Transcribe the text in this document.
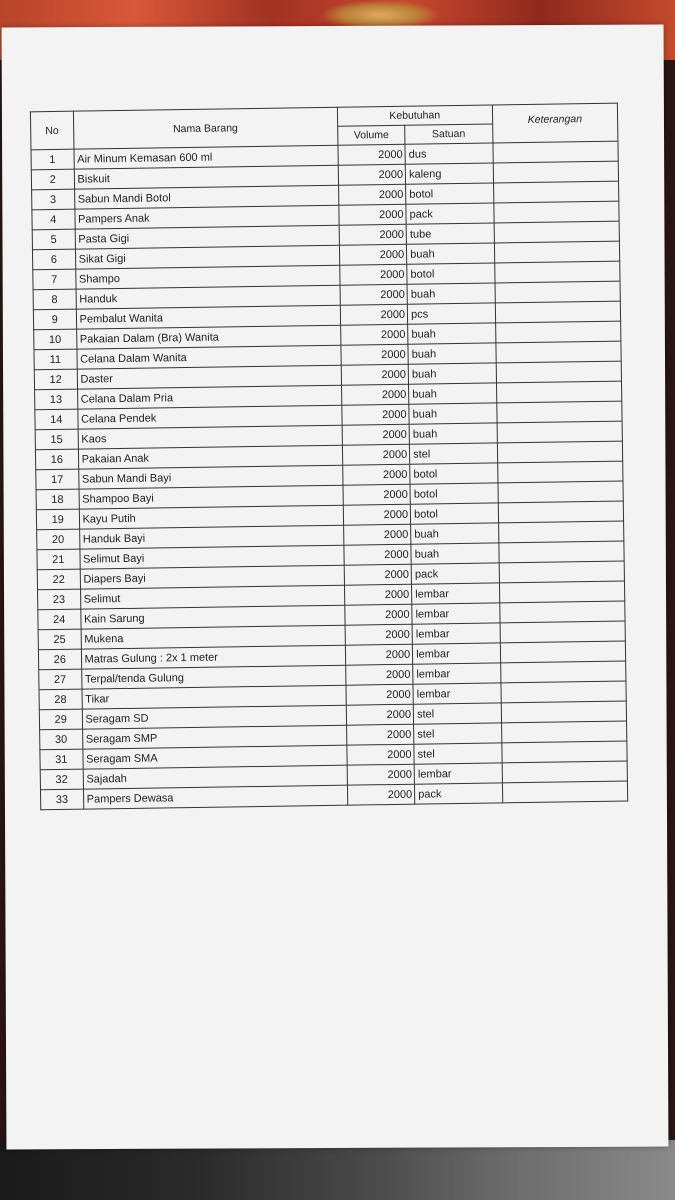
No	Nama Barang	Kebutuhan		Keterangan
		Volume	Satuan	
1	Air Minum Kemasan 600 ml	2000	dus	
2	Biskuit	2000	kaleng	
3	Sabun Mandi Botol	2000	botol	
4	Pampers Anak	2000	pack	
5	Pasta Gigi	2000	tube	
6	Sikat Gigi	2000	buah	
7	Shampo	2000	botol	
8	Handuk	2000	buah	
9	Pembalut Wanita	2000	pcs	
10	Pakaian Dalam (Bra) Wanita	2000	buah	
11	Celana Dalam Wanita	2000	buah	
12	Daster	2000	buah	
13	Celana Dalam Pria	2000	buah	
14	Celana Pendek	2000	buah	
15	Kaos	2000	buah	
16	Pakaian Anak	2000	stel	
17	Sabun Mandi Bayi	2000	botol	
18	Shampoo Bayi	2000	botol	
19	Kayu Putih	2000	botol	
20	Handuk Bayi	2000	buah	
21	Selimut Bayi	2000	buah	
22	Diapers Bayi	2000	pack	
23	Selimut	2000	lembar	
24	Kain Sarung	2000	lembar	
25	Mukena	2000	lembar	
26	Matras Gulung : 2x 1 meter	2000	lembar	
27	Terpal/tenda Gulung	2000	lembar	
28	Tikar	2000	lembar	
29	Seragam SD	2000	stel	
30	Seragam SMP	2000	stel	
31	Seragam SMA	2000	stel	
32	Sajadah	2000	lembar	
33	Pampers Dewasa	2000	pack	
